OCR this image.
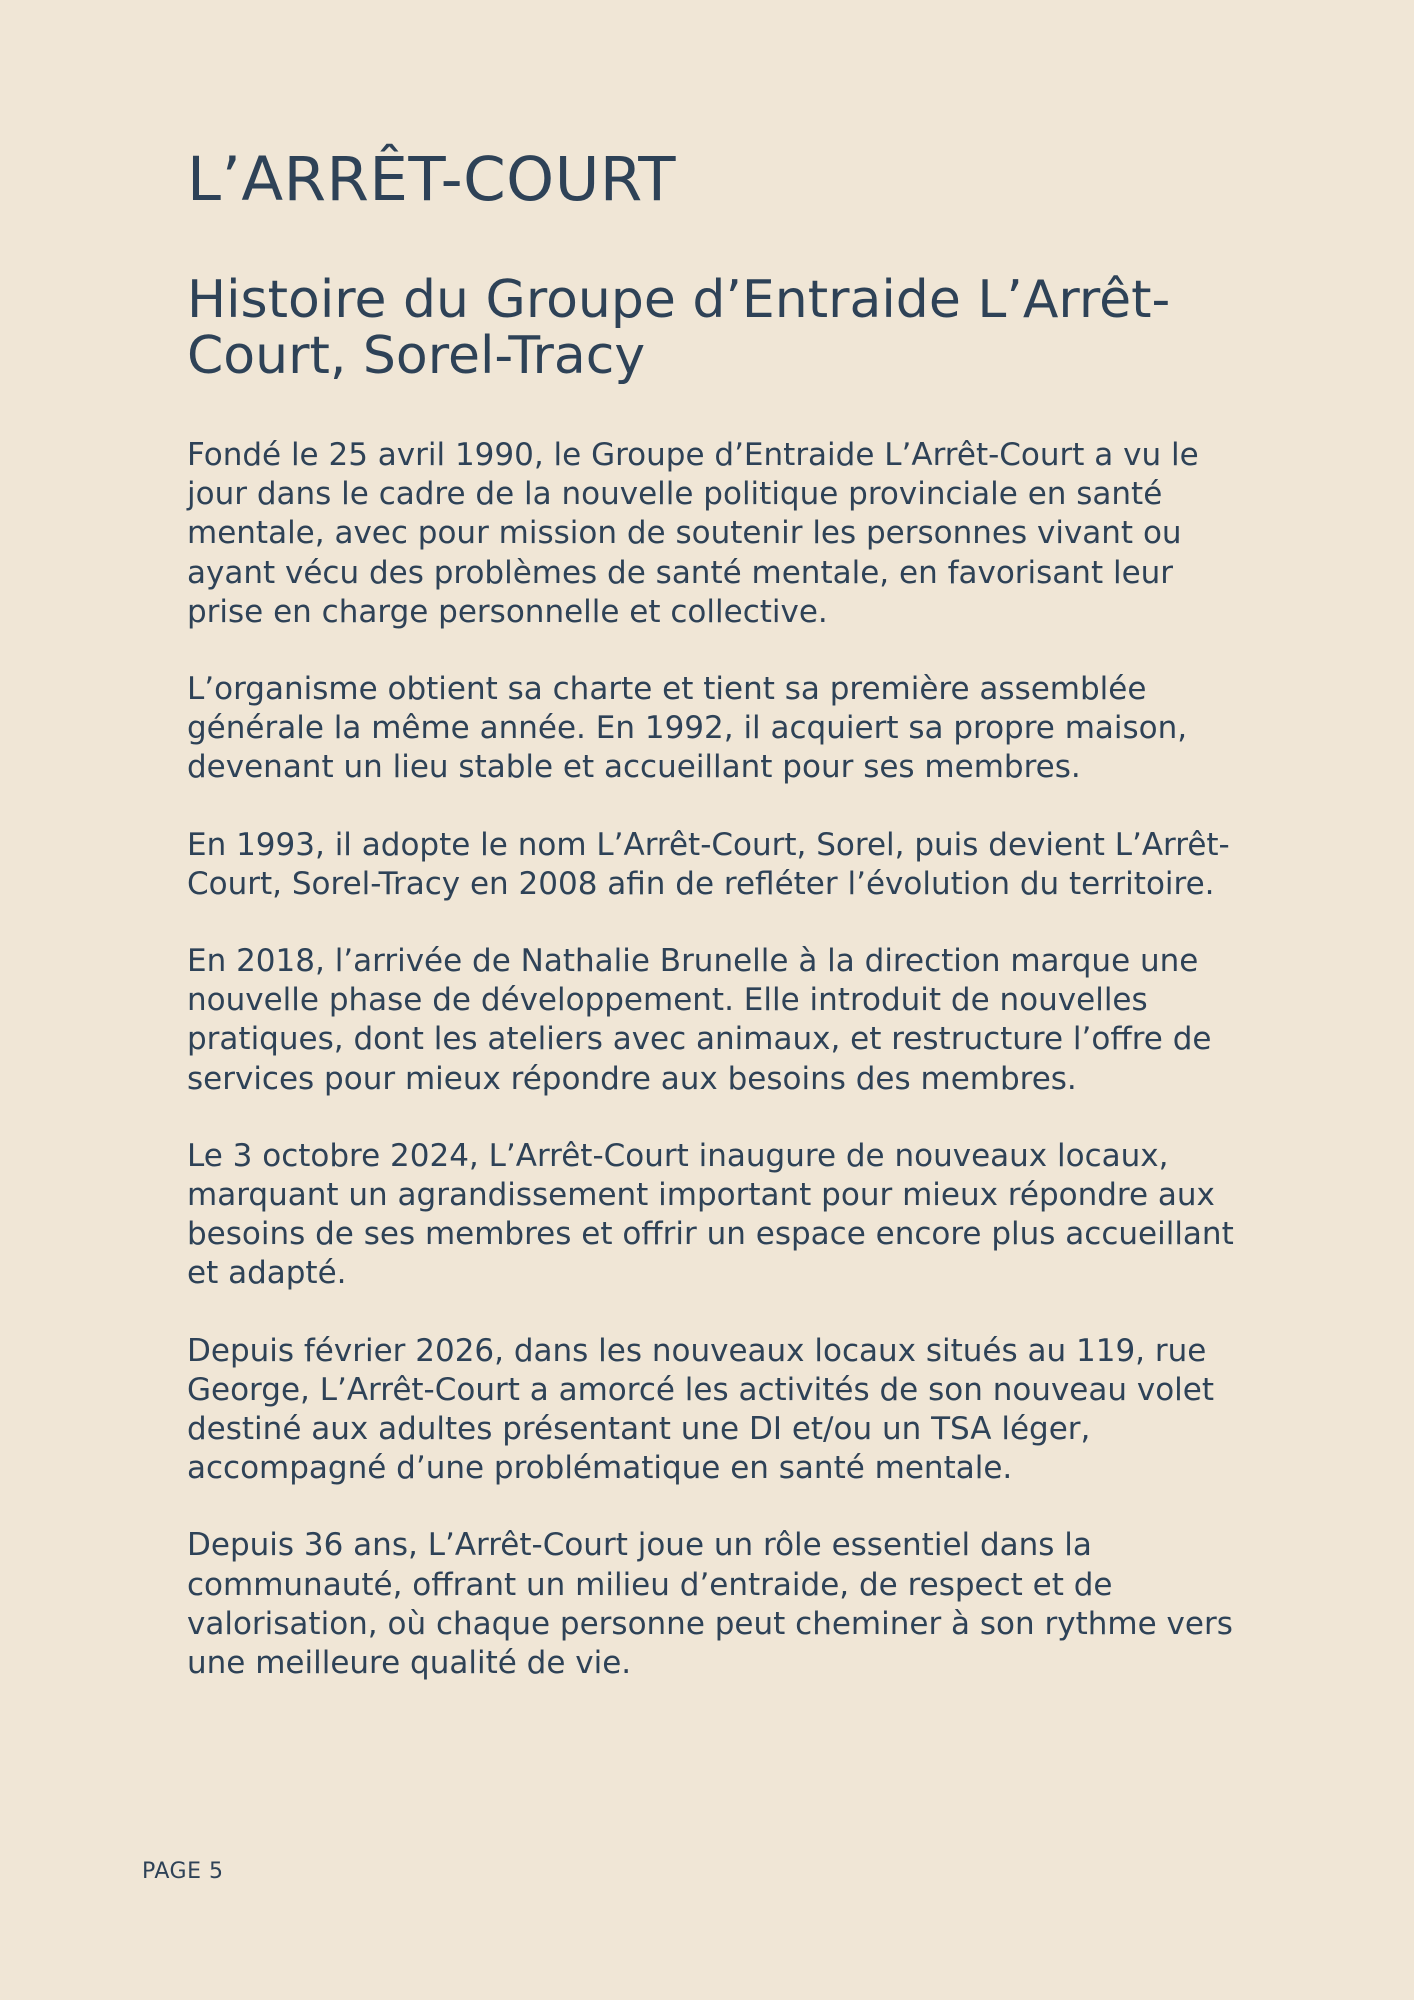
L’ARRÊT-COURT
Histoire du Groupe d’Entraide L’Arrêt-Court, Sorel-Tracy

Fondé le 25 avril 1990, le Groupe d’Entraide L’Arrêt-Court a vu le jour dans le cadre de la nouvelle politique provinciale en santé mentale, avec pour mission de soutenir les personnes vivant ou ayant vécu des problèmes de santé mentale, en favorisant leur prise en charge personnelle et collective.

L’organisme obtient sa charte et tient sa première assemblée générale la même année. En 1992, il acquiert sa propre maison, devenant un lieu stable et accueillant pour ses membres.

En 1993, il adopte le nom L’Arrêt-Court, Sorel, puis devient L’Arrêt-Court, Sorel-Tracy en 2008 afin de refléter l’évolution du territoire.

En 2018, l’arrivée de Nathalie Brunelle à la direction marque une nouvelle phase de développement. Elle introduit de nouvelles pratiques, dont les ateliers avec animaux, et restructure l’offre de services pour mieux répondre aux besoins des membres.

Le 3 octobre 2024, L’Arrêt-Court inaugure de nouveaux locaux, marquant un agrandissement important pour mieux répondre aux besoins de ses membres et offrir un espace encore plus accueillant et adapté.

Depuis février 2026, dans les nouveaux locaux situés au 119, rue George, L’Arrêt-Court a amorcé les activités de son nouveau volet destiné aux adultes présentant une DI et/ou un TSA léger, accompagné d’une problématique en santé mentale.

Depuis 36 ans, L’Arrêt-Court joue un rôle essentiel dans la communauté, offrant un milieu d’entraide, de respect et de valorisation, où chaque personne peut cheminer à son rythme vers une meilleure qualité de vie.

PAGE 5
